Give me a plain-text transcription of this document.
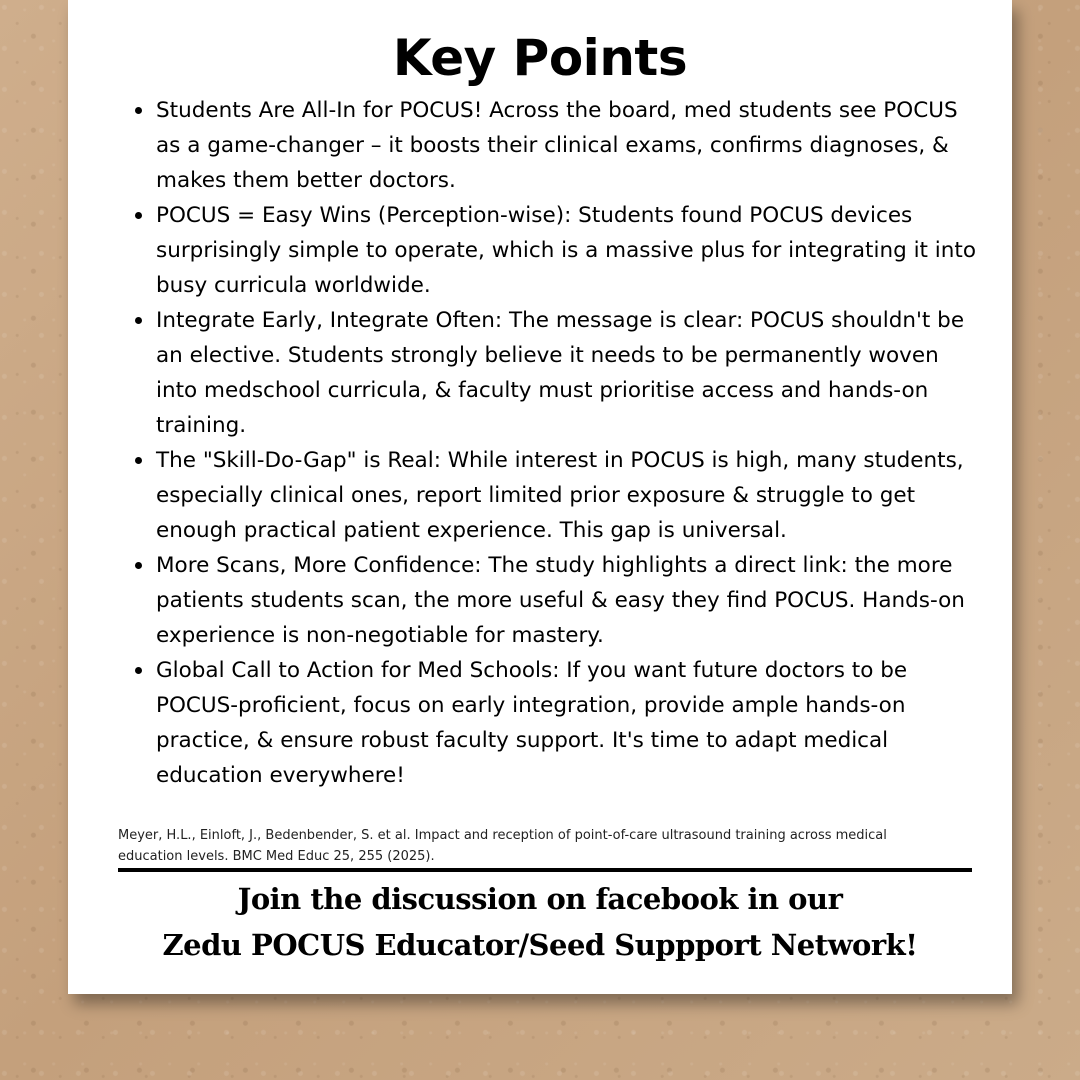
Key Points
Students Are All-In for POCUS! Across the board, med students see POCUS as a game-changer – it boosts their clinical exams, confirms diagnoses, & makes them better doctors.
POCUS = Easy Wins (Perception-wise): Students found POCUS devices surprisingly simple to operate, which is a massive plus for integrating it into busy curricula worldwide.
Integrate Early, Integrate Often: The message is clear: POCUS shouldn't be an elective. Students strongly believe it needs to be permanently woven into medschool curricula, & faculty must prioritise access and hands-on training.
The "Skill-Do-Gap" is Real: While interest in POCUS is high, many students, especially clinical ones, report limited prior exposure & struggle to get enough practical patient experience. This gap is universal.
More Scans, More Confidence: The study highlights a direct link: the more patients students scan, the more useful & easy they find POCUS. Hands-on experience is non-negotiable for mastery.
Global Call to Action for Med Schools: If you want future doctors to be POCUS-proficient, focus on early integration, provide ample hands-on practice, & ensure robust faculty support. It's time to adapt medical education everywhere!
Meyer, H.L., Einloft, J., Bedenbender, S. et al. Impact and reception of point-of-care ultrasound training across medical education levels. BMC Med Educ 25, 255 (2025).
Join the discussion on facebook in our
Zedu POCUS Educator/Seed Suppport Network!
